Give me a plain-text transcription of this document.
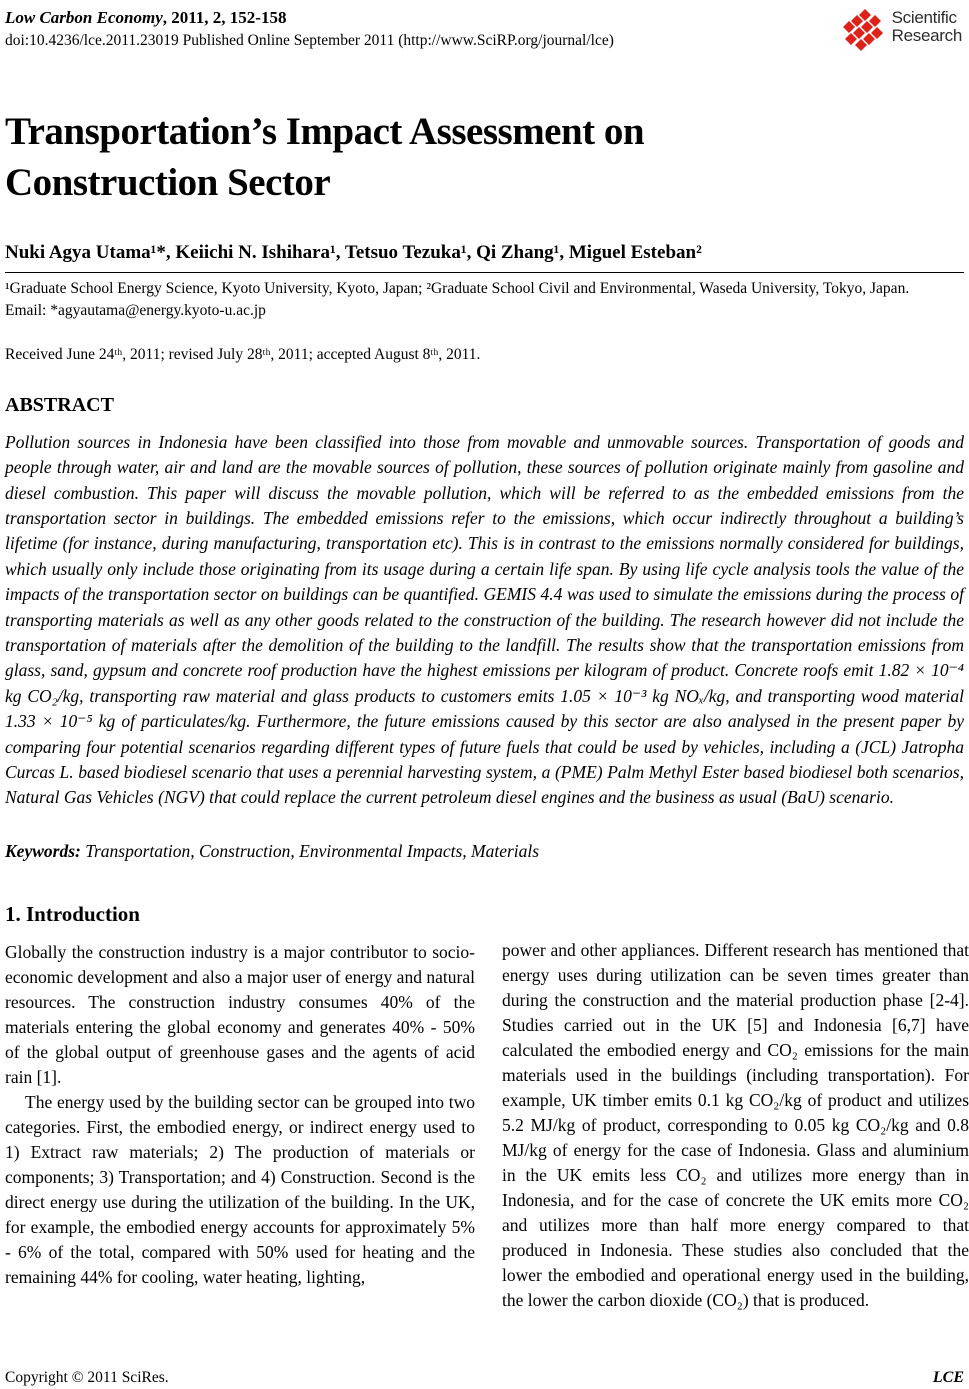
Low Carbon Economy, 2011, 2, 152-158
doi:10.4236/lce.2011.23019 Published Online September 2011 (http://www.SciRP.org/journal/lce)
Scientific
Research
Transportation’s Impact Assessment on
Construction Sector
Nuki Agya Utama¹*, Keiichi N. Ishihara¹, Tetsuo Tezuka¹, Qi Zhang¹, Miguel Esteban²
¹Graduate School Energy Science, Kyoto University, Kyoto, Japan; ²Graduate School Civil and Environmental, Waseda University, Tokyo, Japan.
Email: *agyautama@energy.kyoto-u.ac.jp
Received June 24ᵗʰ, 2011; revised July 28ᵗʰ, 2011; accepted August 8ᵗʰ, 2011.
ABSTRACT
Pollution sources in Indonesia have been classified into those from movable and unmovable sources. Transportation of goods and people through water, air and land are the movable sources of pollution, these sources of pollution originate mainly from gasoline and diesel combustion. This paper will discuss the movable pollution, which will be referred to as the embedded emissions from the transportation sector in buildings. The embedded emissions refer to the emissions, which occur indirectly throughout a building’s lifetime (for instance, during manufacturing, transportation etc). This is in contrast to the emissions normally considered for buildings, which usually only include those originating from its usage during a certain life span. By using life cycle analysis tools the value of the impacts of the transportation sector on buildings can be quantified. GEMIS 4.4 was used to simulate the emissions during the process of transporting materials as well as any other goods related to the construction of the building. The research however did not include the transportation of materials after the demolition of the building to the landfill. The results show that the transportation emissions from glass, sand, gypsum and concrete roof production have the highest emissions per kilogram of product. Concrete roofs emit 1.82 × 10⁻⁴ kg CO₂/kg, transporting raw material and glass products to customers emits 1.05 × 10⁻³ kg NOₓ/kg, and transporting wood material 1.33 × 10⁻⁵ kg of particulates/kg. Furthermore, the future emissions caused by this sector are also analysed in the present paper by comparing four potential scenarios regarding different types of future fuels that could be used by vehicles, including a (JCL) Jatropha Curcas L. based biodiesel scenario that uses a perennial harvesting system, a (PME) Palm Methyl Ester based biodiesel both scenarios, Natural Gas Vehicles (NGV) that could replace the current petroleum diesel engines and the business as usual (BaU) scenario.
Keywords: Transportation, Construction, Environmental Impacts, Materials
1. Introduction

Globally the construction industry is a major contributor to socio-economic development and also a major user of energy and natural resources. The construction industry consumes 40% of the materials entering the global economy and generates 40% - 50% of the global output of greenhouse gases and the agents of acid rain [1].

The energy used by the building sector can be grouped into two categories. First, the embodied energy, or indirect energy used to 1) Extract raw materials; 2) The production of materials or components; 3) Transportation; and 4) Construction. Second is the direct energy use during the utilization of the building. In the UK, for example, the embodied energy accounts for approximately 5% - 6% of the total, compared with 50% used for heating and the remaining 44% for cooling, water heating, lighting,

power and other appliances. Different research has mentioned that energy uses during utilization can be seven times greater than during the construction and the material production phase [2-4]. Studies carried out in the UK [5] and Indonesia [6,7] have calculated the embodied energy and CO₂ emissions for the main materials used in the buildings (including transportation). For example, UK timber emits 0.1 kg CO₂/kg of product and utilizes 5.2 MJ/kg of product, corresponding to 0.05 kg CO₂/kg and 0.8 MJ/kg of energy for the case of Indonesia. Glass and aluminium in the UK emits less CO₂ and utilizes more energy than in Indonesia, and for the case of concrete the UK emits more CO₂ and utilizes more than half more energy compared to that produced in Indonesia. These studies also concluded that the lower the embodied and operational energy used in the building, the lower the carbon dioxide (CO₂) that is produced.

Copyright © 2011 SciRes.	LCE
